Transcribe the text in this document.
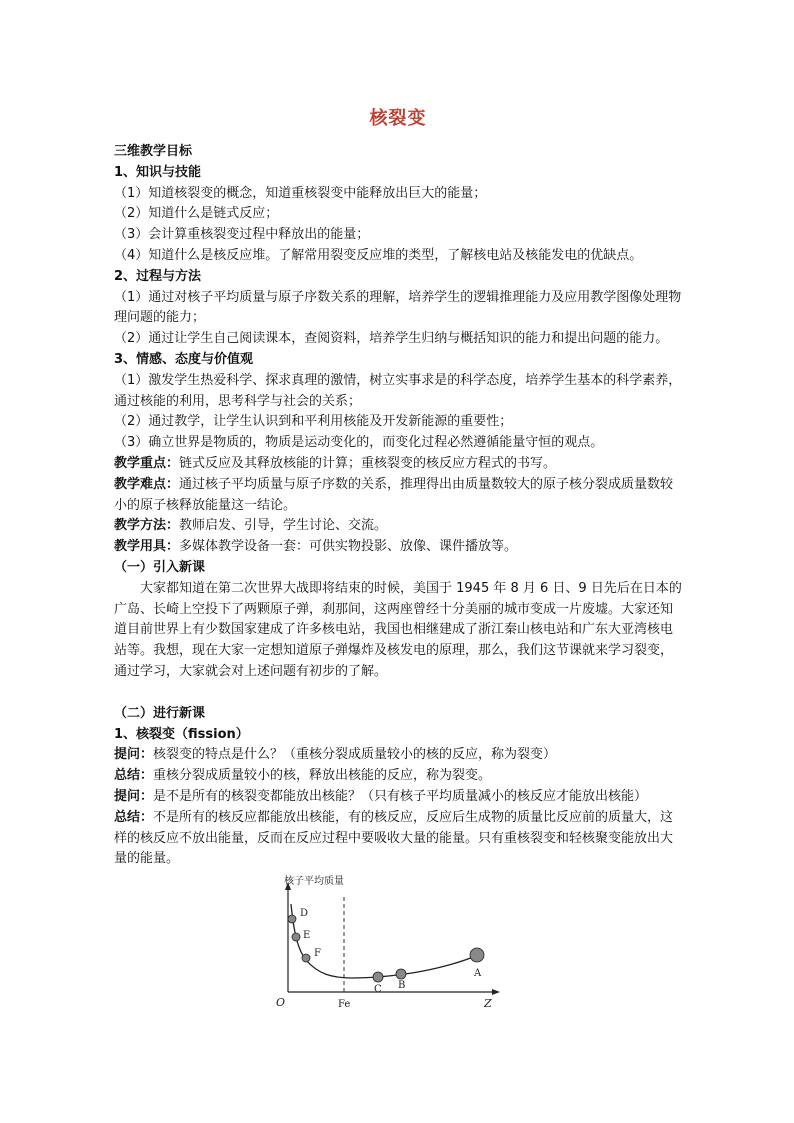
核裂变

三维教学目标

1、知识与技能

（1）知道核裂变的概念，知道重核裂变中能释放出巨大的能量；

（2）知道什么是链式反应；

（3）会计算重核裂变过程中释放出的能量；

（4）知道什么是核反应堆。了解常用裂变反应堆的类型，了解核电站及核能发电的优缺点。

2、过程与方法

（1）通过对核子平均质量与原子序数关系的理解，培养学生的逻辑推理能力及应用教学图像处理物理问题的能力；

（2）通过让学生自己阅读课本，查阅资料，培养学生归纳与概括知识的能力和提出问题的能力。

3、情感、态度与价值观

（1）激发学生热爱科学、探求真理的激情，树立实事求是的科学态度，培养学生基本的科学素养，通过核能的利用，思考科学与社会的关系；

（2）通过教学，让学生认识到和平利用核能及开发新能源的重要性；

（3）确立世界是物质的，物质是运动变化的，而变化过程必然遵循能量守恒的观点。

教学重点：链式反应及其释放核能的计算；重核裂变的核反应方程式的书写。

教学难点：通过核子平均质量与原子序数的关系，推理得出由质量数较大的原子核分裂成质量数较小的原子核释放能量这一结论。

教学方法：教师启发、引导，学生讨论、交流。

教学用具：多媒体教学设备一套：可供实物投影、放像、课件播放等。

（一）引入新课

大家都知道在第二次世界大战即将结束的时候，美国于 1945 年 8 月 6 日、9 日先后在日本的广岛、长崎上空投下了两颗原子弹，刹那间，这两座曾经十分美丽的城市变成一片废墟。大家还知道目前世界上有少数国家建成了许多核电站，我国也相继建成了浙江秦山核电站和广东大亚湾核电站等。我想，现在大家一定想知道原子弹爆炸及核发电的原理，那么，我们这节课就来学习裂变，通过学习，大家就会对上述问题有初步的了解。

（二）进行新课

1、核裂变（fission）

提问：核裂变的特点是什么？（重核分裂成质量较小的核的反应，称为裂变）

总结：重核分裂成质量较小的核，释放出核能的反应，称为裂变。

提问：是不是所有的核裂变都能放出核能？（只有核子平均质量减小的核反应才能放出核能）

总结：不是所有的核反应都能放出核能，有的核反应，反应后生成物的质量比反应前的质量大，这样的核反应不放出能量，反而在反应过程中要吸收大量的能量。只有重核裂变和轻核聚变能放出大量的能量。

核子平均质量
O	Z
Fe
D
E
F
C B
A
